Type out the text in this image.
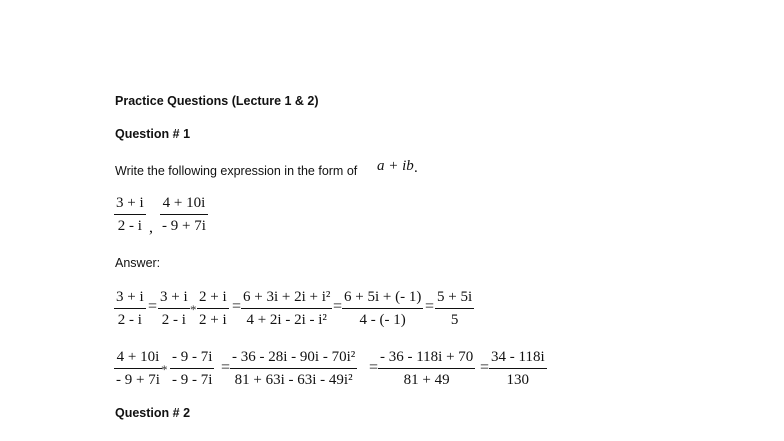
Practice Questions (Lecture 1 & 2)
Question # 1
Write the following expression in the form of a + ib .
3 + i
2 - i ,
4 + 10i
- 9 + 7i
Answer:
3 + i
2 - i
=
3 + i
2 - i
*
2 + i
2 + i
=
6 + 3i + 2i + i²
4 + 2i - 2i - i²
=
6 + 5i + (- 1)
4 - (- 1)
=
5 + 5i
5
4 + 10i
- 9 + 7i
*
- 9 - 7i
- 9 - 7i
=
- 36 - 28i - 90i - 70i²
81 + 63i - 63i - 49i²
=
- 36 - 118i + 70
81 + 49
=
34 - 118i
130
Question # 2
